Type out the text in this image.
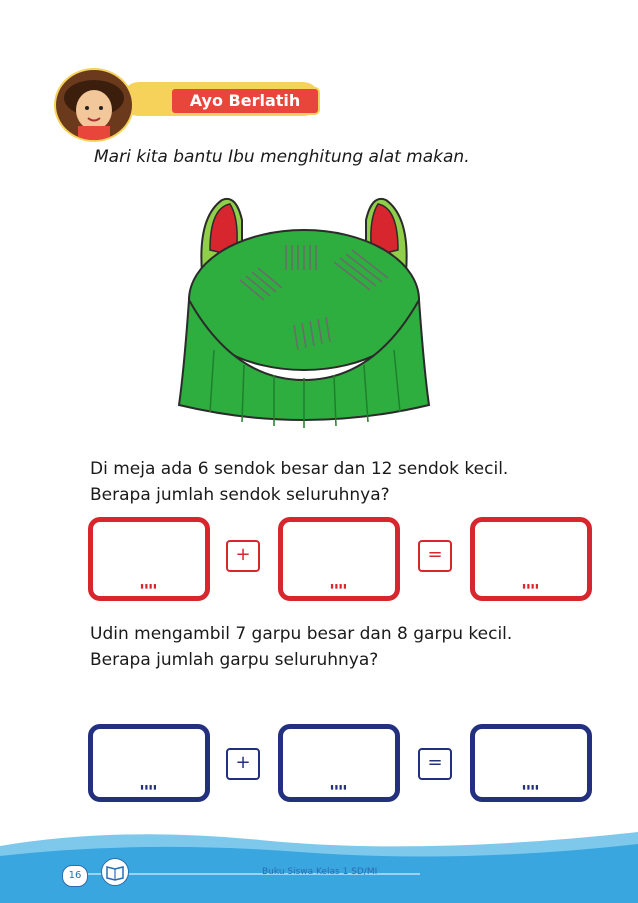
Ayo Berlatih
Mari kita bantu Ibu menghitung alat makan.
Di meja ada 6 sendok besar dan 12 sendok kecil.
Berapa jumlah sendok seluruhnya?
▮▮▮▮
+
▮▮▮▮
=
▮▮▮▮
Udin mengambil 7 garpu besar dan 8 garpu kecil.
Berapa jumlah garpu seluruhnya?
▮▮▮▮
+
▮▮▮▮
=
▮▮▮▮
16	Buku Siswa Kelas 1 SD/MI
